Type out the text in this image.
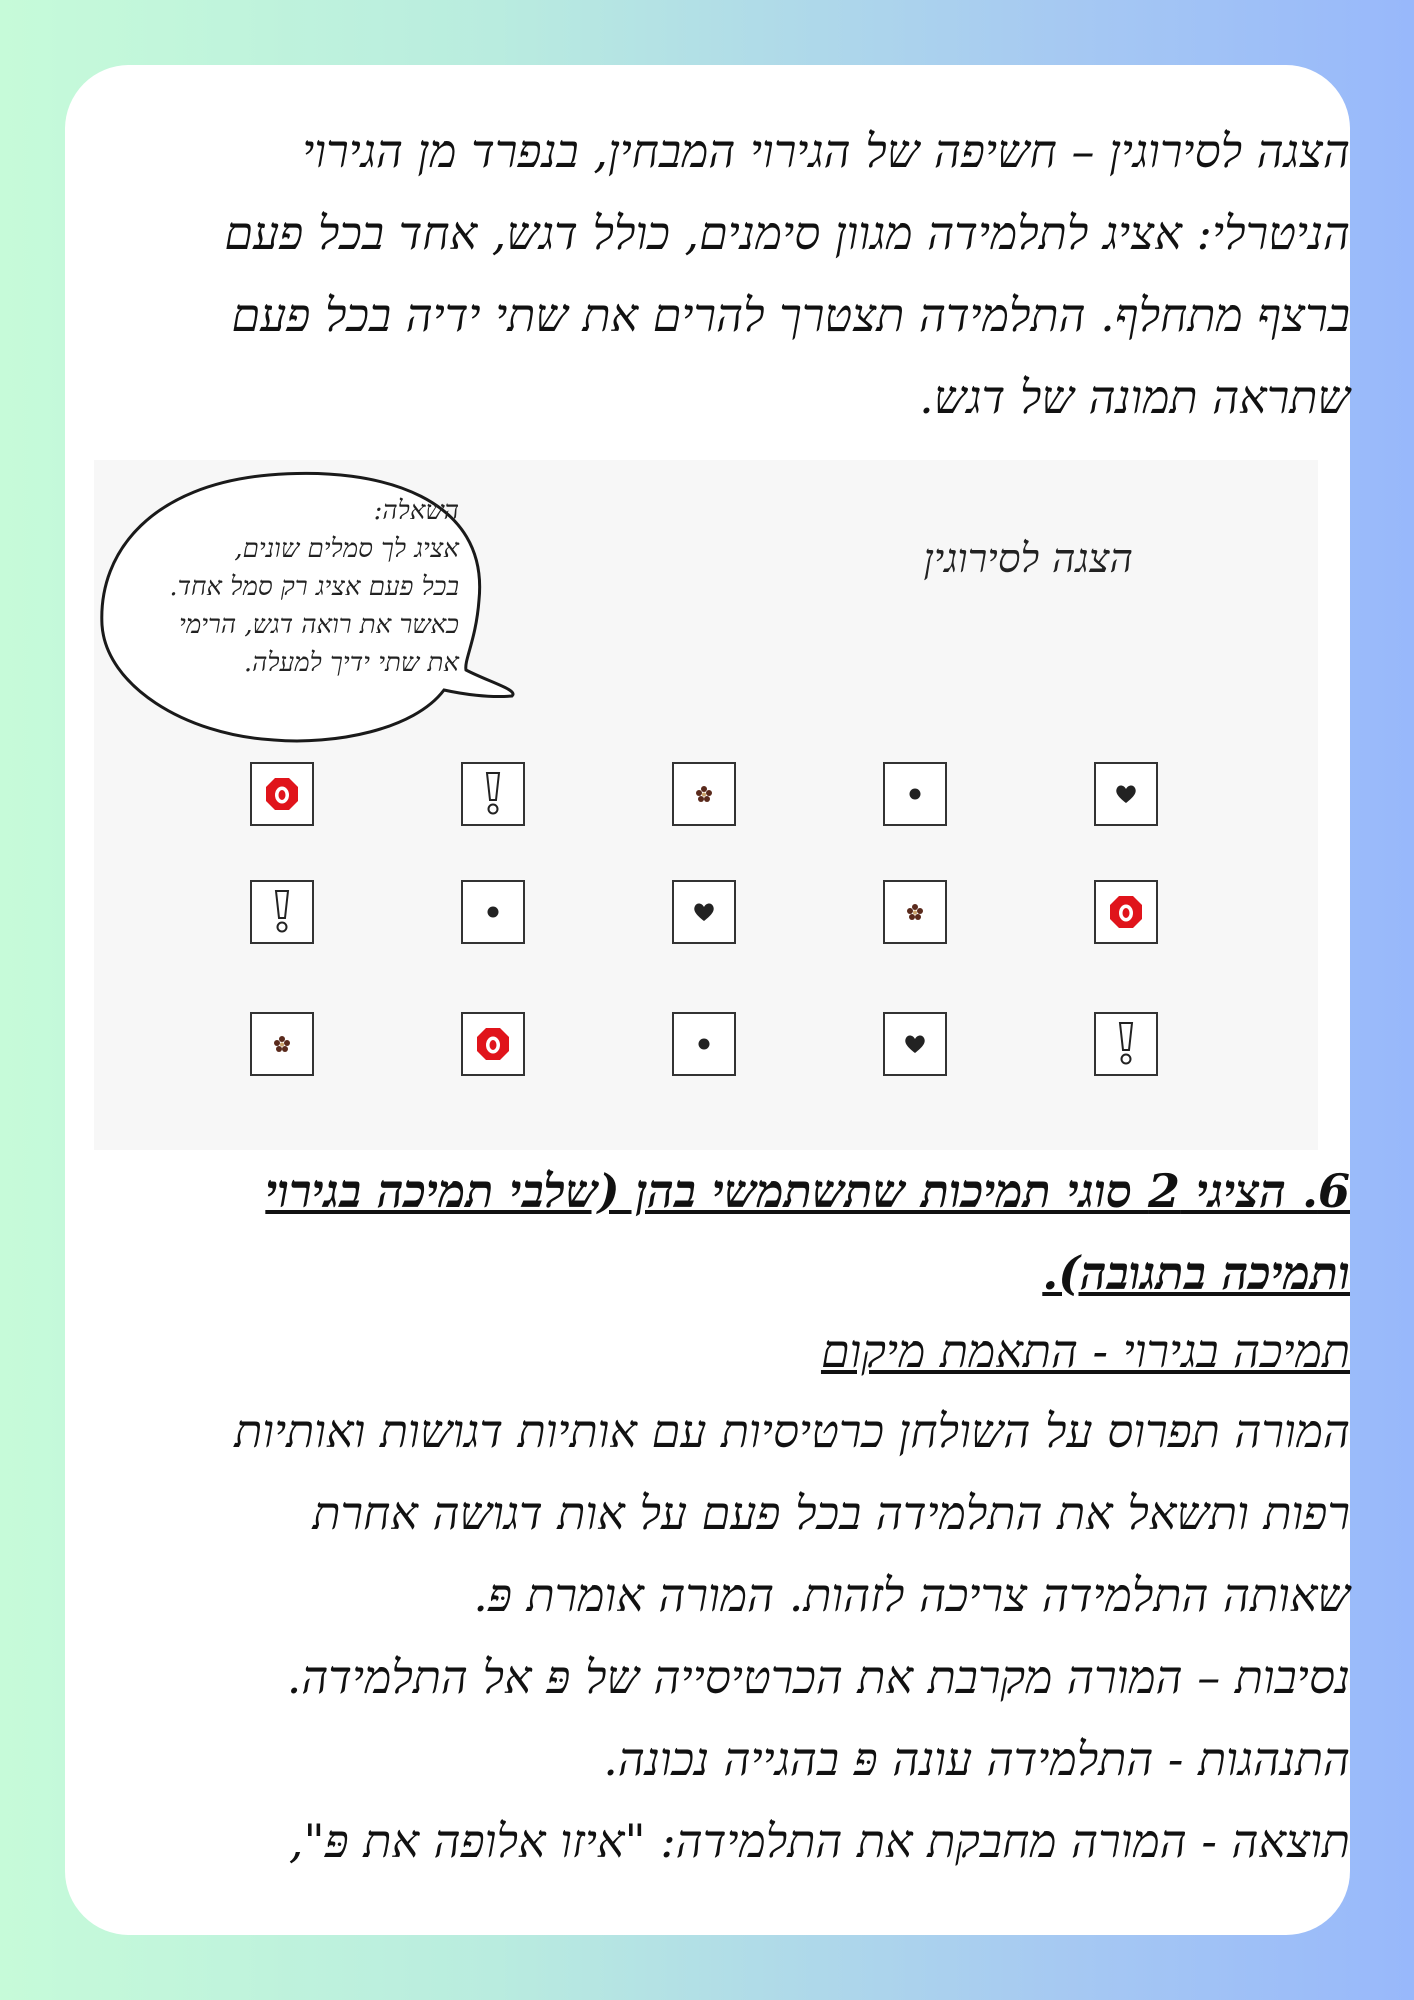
הצגה לסירוגין – חשיפה של הגירוי המבחין, בנפרד מן הגירוי

הניטרלי: אציג לתלמידה מגוון סימנים, כולל דגש, אחד בכל פעם

ברצף מתחלף. התלמידה תצטרך להרים את שתי ידיה בכל פעם

שתראה תמונה של דגש.

השאלה:
אציג לך סמלים שונים,
בכל פעם אציג רק סמל אחד.
כאשר את רואה דגש, הרימי
את שתי ידיך למעלה.
הצגה לסירוגין
6. הציגי 2 סוגי תמיכות שתשתמשי בהן (שלבי תמיכה בגירוי
ותמיכה בתגובה).
תמיכה בגירוי - התאמת מיקום

המורה תפרוס על השולחן כרטיסיות עם אותיות דגושות ואותיות

רפות ותשאל את התלמידה בכל פעם על אות דגושה אחרת

שאותה התלמידה צריכה לזהות. המורה אומרת פּ.

נסיבות – המורה מקרבת את הכרטיסייה של פּ אל התלמידה.

התנהגות - התלמידה עונה פּ בהגייה נכונה.

תוצאה - המורה מחבקת את התלמידה: "איזו אלופה את פּ",
